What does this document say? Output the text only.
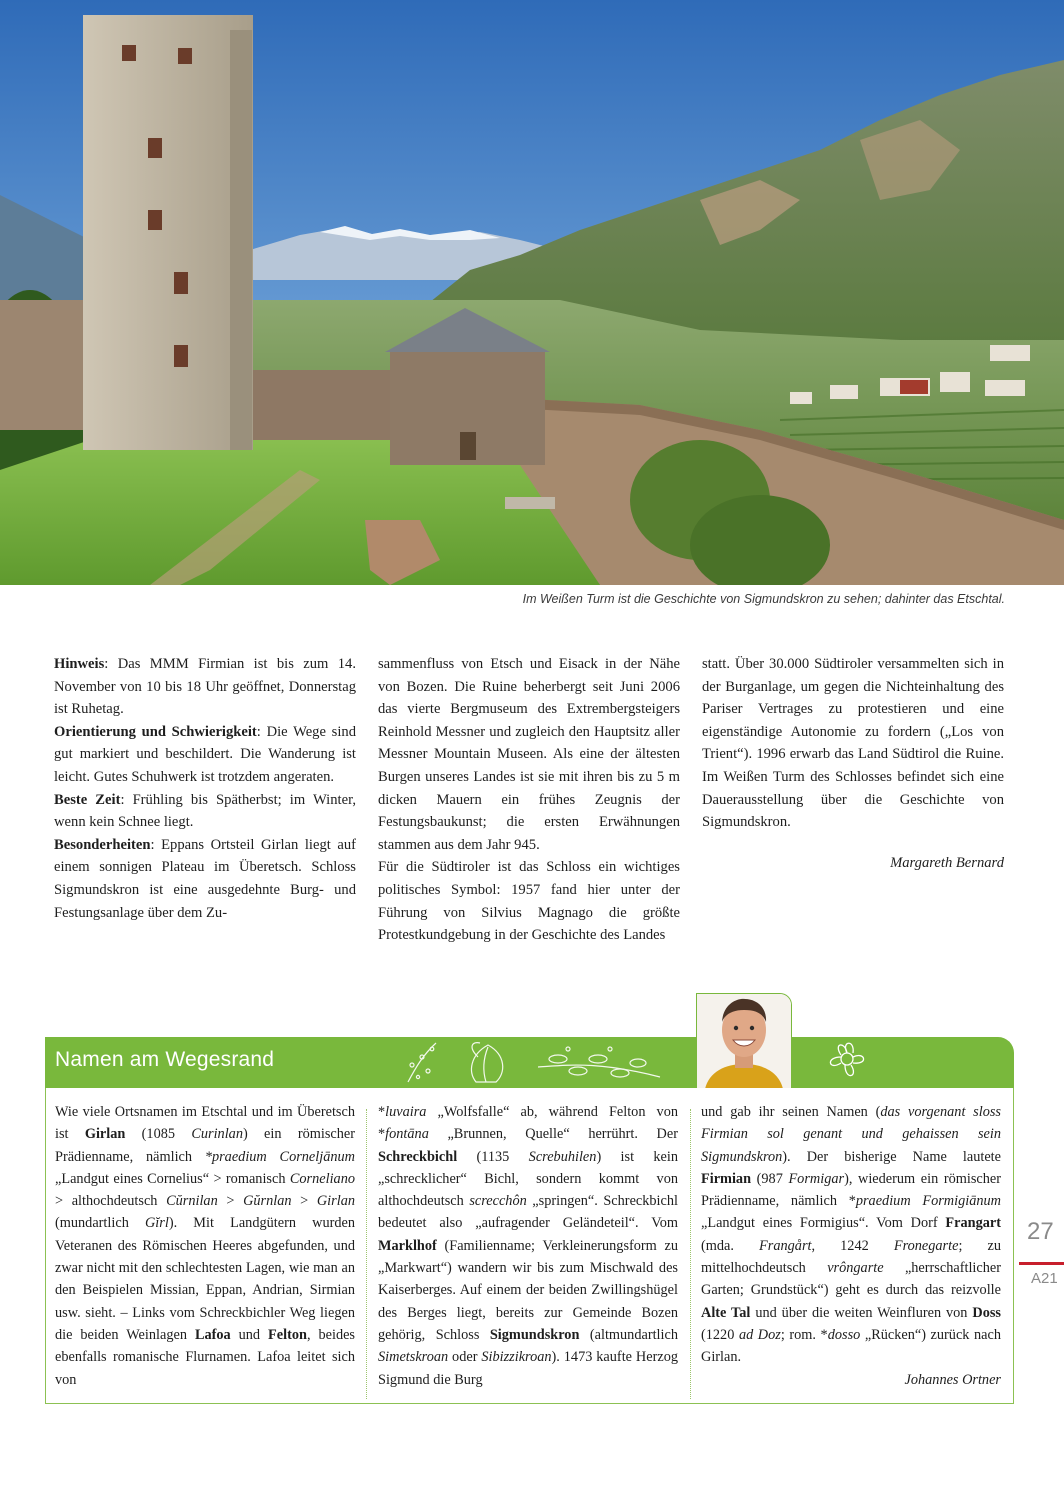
Im Weißen Turm ist die Geschichte von Sigmundskron zu sehen; dahinter das Etschtal.

Hinweis: Das MMM Firmian ist bis zum 14. November von 10 bis 18 Uhr geöffnet, Donnerstag ist Ruhetag.

Orientierung und Schwierigkeit: Die Wege sind gut markiert und beschildert. Die Wanderung ist leicht. Gutes Schuhwerk ist trotzdem angeraten.

Beste Zeit: Frühling bis Spätherbst; im Winter, wenn kein Schnee liegt.

Besonderheiten: Eppans Ortsteil Girlan liegt auf einem sonnigen Plateau im Überetsch. Schloss Sigmundskron ist eine ausgedehnte Burg- und Festungsanlage über dem Zu-

sammenfluss von Etsch und Eisack in der Nähe von Bozen. Die Ruine beherbergt seit Juni 2006 das vierte Bergmuseum des Extrembergsteigers Reinhold Messner und zugleich den Hauptsitz aller Messner Mountain Museen. Als eine der ältesten Burgen unseres Landes ist sie mit ihren bis zu 5 m dicken Mauern ein frühes Zeugnis der Festungsbaukunst; die ersten Erwähnungen stammen aus dem Jahr 945.

Für die Südtiroler ist das Schloss ein wichtiges politisches Symbol: 1957 fand hier unter der Führung von Silvius Magnago die größte Protestkundgebung in der Geschichte des Landes

statt. Über 30.000 Südtiroler versammelten sich in der Burganlage, um gegen die Nichteinhaltung des Pariser Vertrages zu protestieren und eine eigenständige Autonomie zu fordern („Los von Trient“). 1996 erwarb das Land Südtirol die Ruine. Im Weißen Turm des Schlosses befindet sich eine Dauerausstellung über die Geschichte von Sigmundskron.

Margareth Bernard
Namen am Wegesrand

Wie viele Ortsnamen im Etschtal und im Überetsch ist Girlan (1085 Curinlan) ein römischer Prädienname, nämlich *praedium Corneljānum „Landgut eines Cornelius“ > romanisch Corneliano > althochdeutsch Cŭrnilan > Gŭrnlan > Girlan (mundartlich Gĭrl). Mit Landgütern wurden Veteranen des Römischen Heeres abgefunden, und zwar nicht mit den schlechtesten Lagen, wie man an den Beispielen Missian, Eppan, Andrian, Sirmian usw. sieht. – Links vom Schreckbichler Weg liegen die beiden Weinlagen Lafoa und Felton, beides ebenfalls romanische Flurnamen. Lafoa leitet sich von

*luvaira „Wolfsfalle“ ab, während Felton von *fontāna „Brunnen, Quelle“ herrührt. Der Schreckbichl (1135 Screbuhilen) ist kein „schrecklicher“ Bichl, sondern kommt von althochdeutsch screcchôn „springen“. Schreckbichl bedeutet also „aufragender Geländeteil“. Vom Marklhof (Familienname; Verkleinerungsform zu „Markwart“) wandern wir bis zum Mischwald des Kaiserberges. Auf einem der beiden Zwillingshügel des Berges liegt, bereits zur Gemeinde Bozen gehörig, Schloss Sigmundskron (altmundartlich Simetskroan oder Sibizzikroan). 1473 kaufte Herzog Sigmund die Burg

und gab ihr seinen Namen (das vorgenant sloss Firmian sol genant und gehaissen sein Sigmundskron). Der bisherige Name lautete Firmian (987 Formigar), wiederum ein römischer Prädienname, nämlich *praedium Formigiānum „Landgut eines Formigius“. Vom Dorf Frangart (mda. Frangårt, 1242 Fronegarte; zu mittelhochdeutsch vrôngarte „herrschaftlicher Garten; Grundstück“) geht es durch das reizvolle Alte Tal und über die weiten Weinfluren von Doss (1220 ad Doz; rom. *dosso „Rücken“) zurück nach Girlan.

Johannes Ortner
27
A21
